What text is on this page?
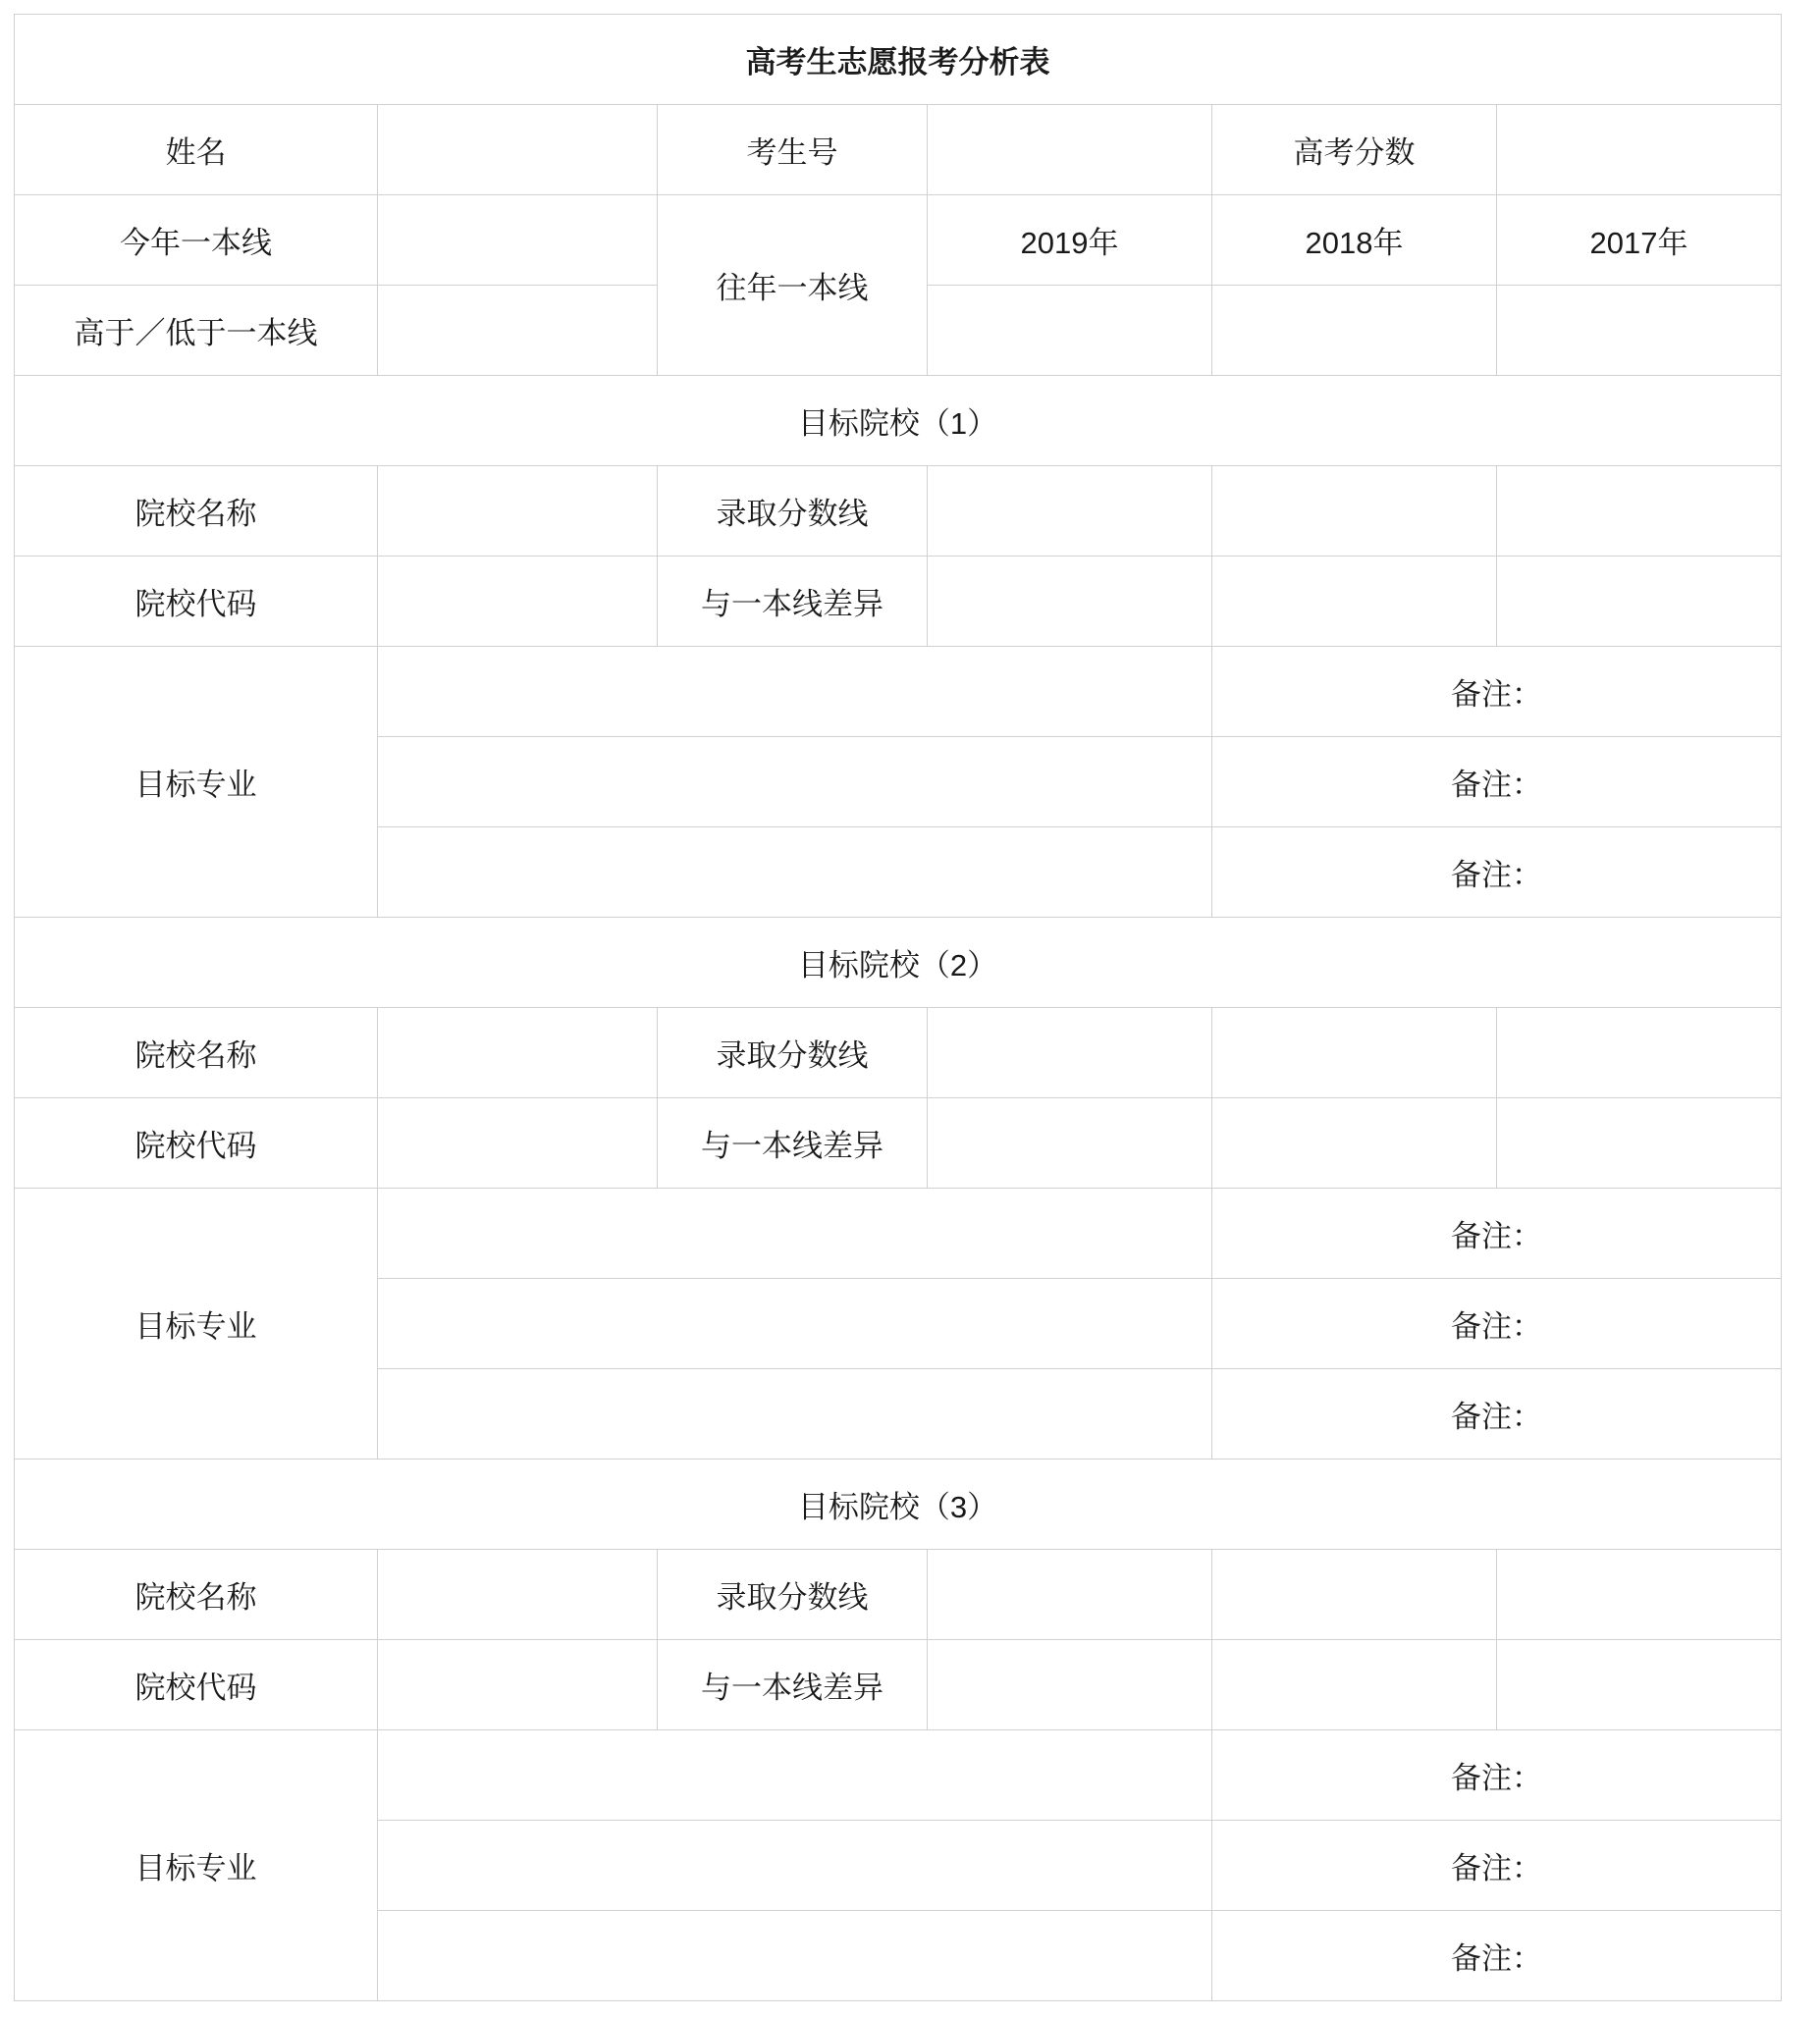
高考生志愿报考分析表					
姓名		考生号		高考分数	
今年一本线		往年一本线	2019年	2018年	2017年
高于／低于一本线					
目标院校（1）					
院校名称		录取分数线			
院校代码		与一本线差异			
目标专业				备注：	
				备注：	
				备注：	
目标院校（2）					
院校名称		录取分数线			
院校代码		与一本线差异			
目标专业				备注：	
				备注：	
				备注：	
目标院校（3）					
院校名称		录取分数线			
院校代码		与一本线差异			
目标专业				备注：	
				备注：	
				备注：	
